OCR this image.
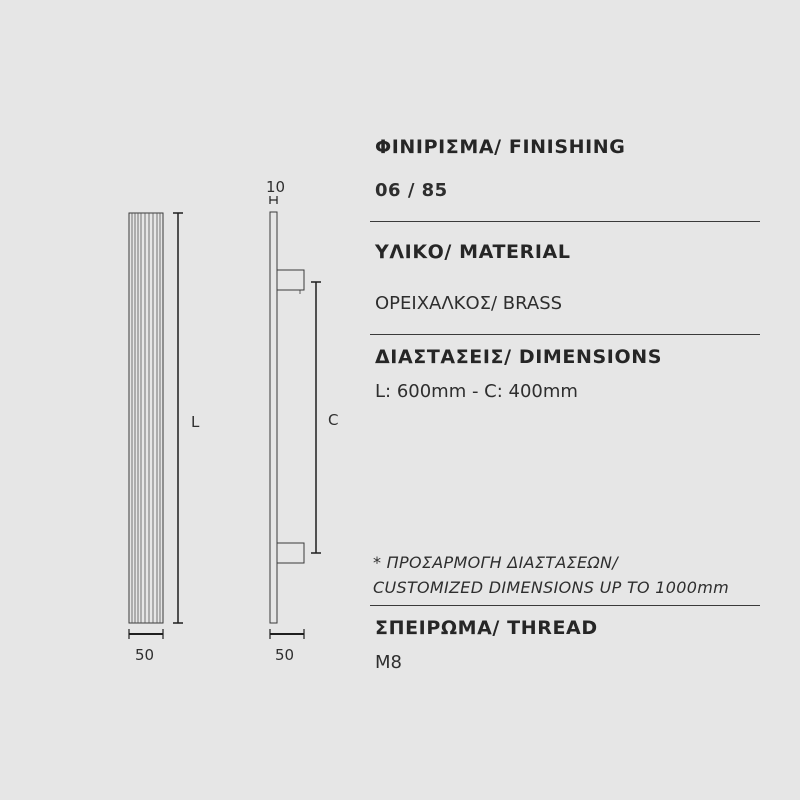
L
50
10
C
50
ΦΙΝΙΡΙΣΜΑ/ FINISHING
06 / 85
ΥΛΙΚΟ/ MATERIAL
ΟΡΕΙΧΑΛΚΟΣ/ BRASS
ΔΙΑΣΤΑΣΕΙΣ/ DIMENSIONS
L: 600mm - C: 400mm
* ΠΡΟΣΑΡΜΟΓΗ ΔΙΑΣΤΑΣΕΩΝ/
CUSTOMIZED DIMENSIONS UP TO 1000mm
ΣΠΕΙΡΩΜΑ/ THREAD
M8
